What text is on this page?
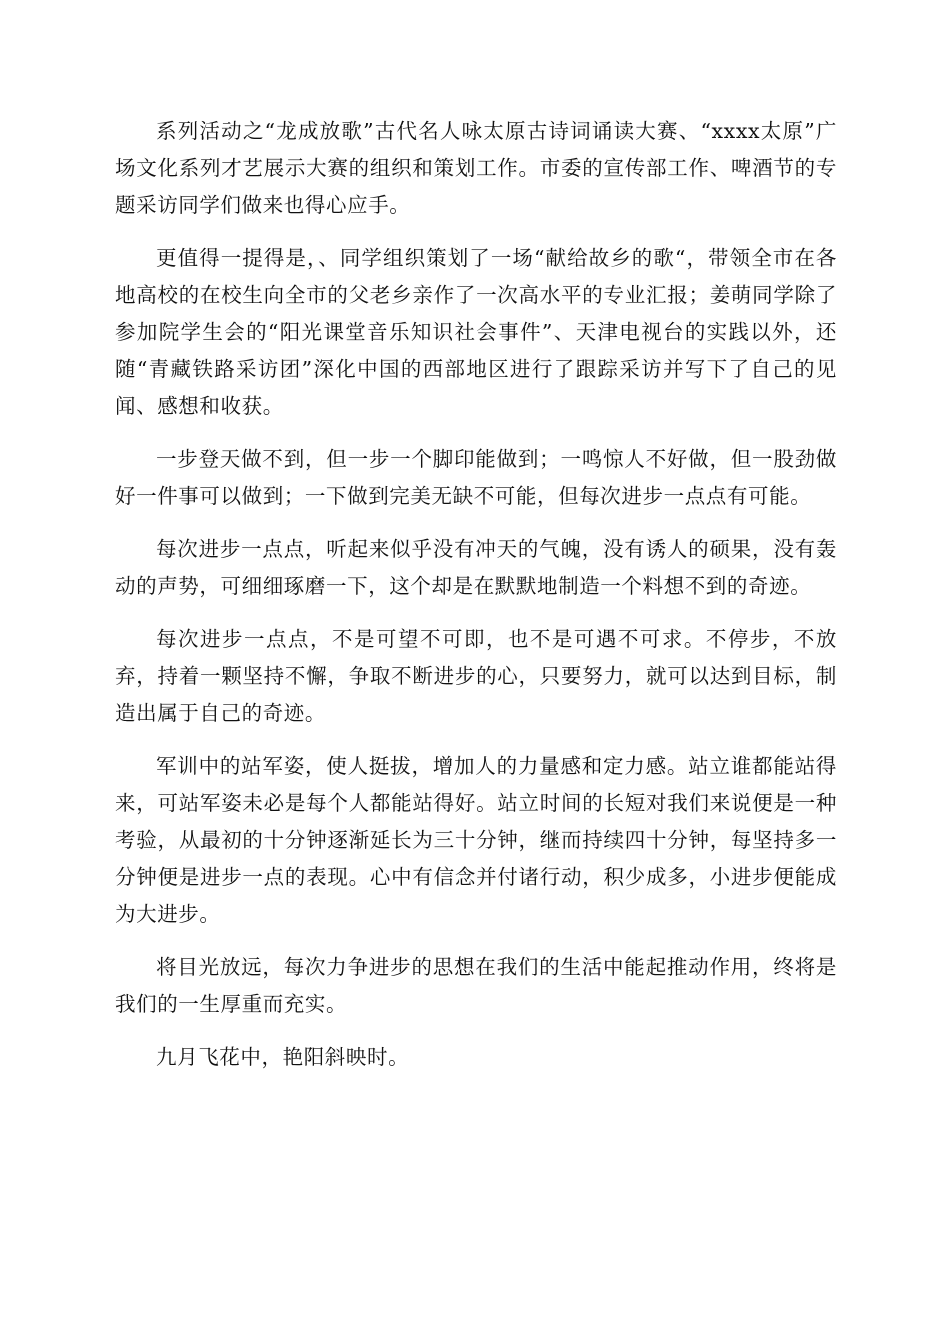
系列活动之“龙成放歌”古代名人咏太原古诗词诵读大赛、“xxxx太原”广场文化系列才艺展示大赛的组织和策划工作。市委的宣传部工作、啤酒节的专题采访同学们做来也得心应手。

更值得一提得是，、同学组织策划了一场“献给故乡的歌“，带领全市在各地高校的在校生向全市的父老乡亲作了一次高水平的专业汇报；姜萌同学除了参加院学生会的“阳光课堂音乐知识社会事件”、天津电视台的实践以外，还随“青藏铁路采访团”深化中国的西部地区进行了跟踪采访并写下了自己的见闻、感想和收获。

一步登天做不到，但一步一个脚印能做到；一鸣惊人不好做，但一股劲做好一件事可以做到；一下做到完美无缺不可能，但每次进步一点点有可能。

每次进步一点点，听起来似乎没有冲天的气魄，没有诱人的硕果，没有轰动的声势，可细细琢磨一下，这个却是在默默地制造一个料想不到的奇迹。

每次进步一点点，不是可望不可即，也不是可遇不可求。不停步，不放弃，持着一颗坚持不懈，争取不断进步的心，只要努力，就可以达到目标，制造出属于自己的奇迹。

军训中的站军姿，使人挺拔，增加人的力量感和定力感。站立谁都能站得来，可站军姿未必是每个人都能站得好。站立时间的长短对我们来说便是一种考验，从最初的十分钟逐渐延长为三十分钟，继而持续四十分钟，每坚持多一分钟便是进步一点的表现。心中有信念并付诸行动，积少成多，小进步便能成为大进步。

将目光放远，每次力争进步的思想在我们的生活中能起推动作用，终将是我们的一生厚重而充实。

九月飞花中，艳阳斜映时。
